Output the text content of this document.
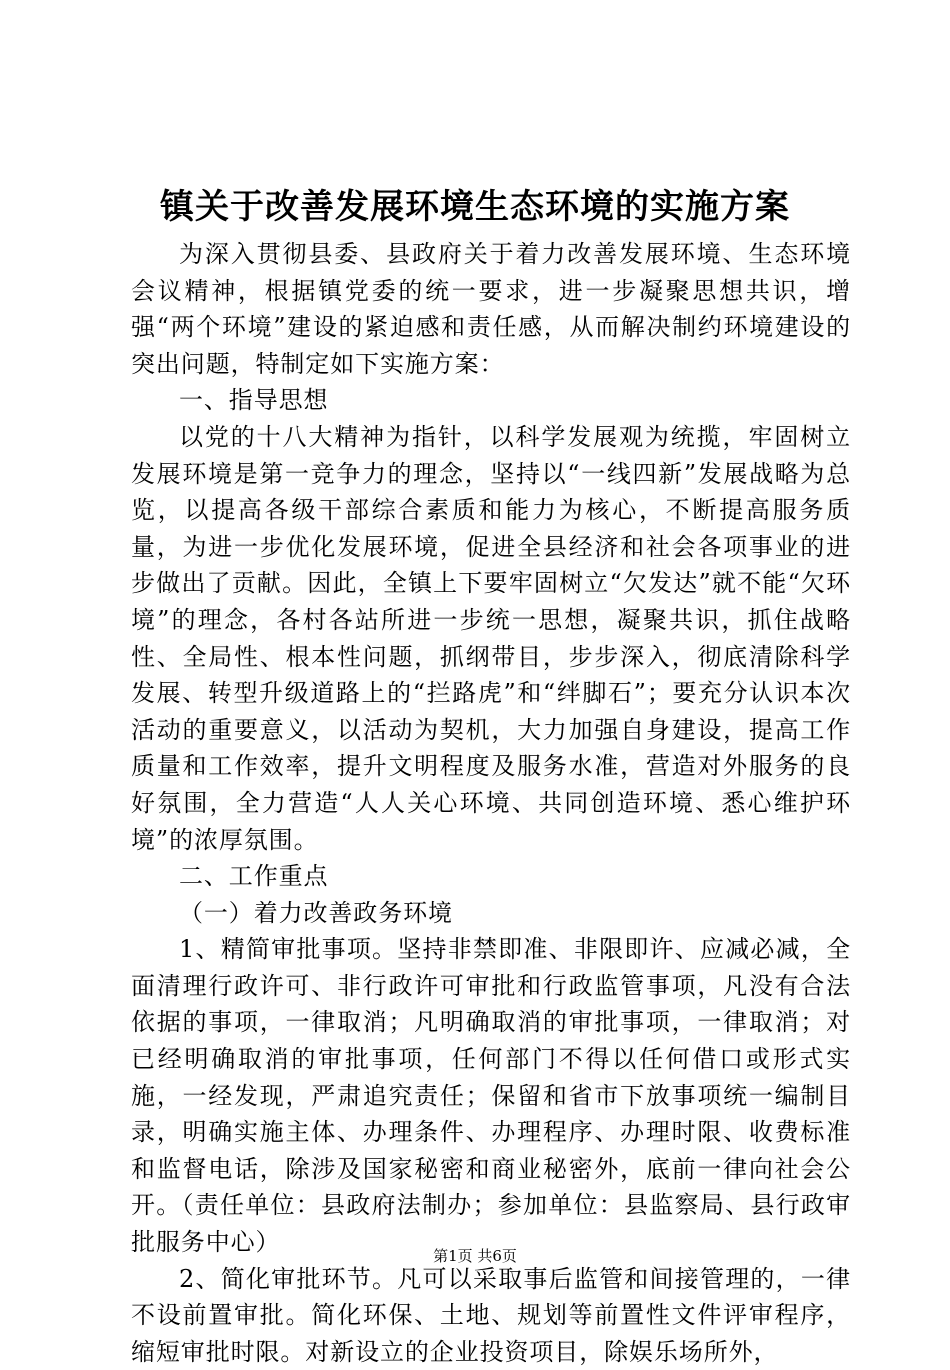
镇关于改善发展环境生态环境的实施方案

为深入贯彻县委、县政府关于着力改善发展环境、生态环境会议精神，根据镇党委的统一要求，进一步凝聚思想共识，增强“两个环境”建设的紧迫感和责任感，从而解决制约环境建设的突出问题，特制定如下实施方案：

一、指导思想

以党的十八大精神为指针，以科学发展观为统揽，牢固树立发展环境是第一竞争力的理念，坚持以“一线四新”发展战略为总览，以提高各级干部综合素质和能力为核心，不断提高服务质量，为进一步优化发展环境，促进全县经济和社会各项事业的进步做出了贡献。因此，全镇上下要牢固树立“欠发达”就不能“欠环境”的理念，各村各站所进一步统一思想，凝聚共识，抓住战略性、全局性、根本性问题，抓纲带目，步步深入，彻底清除科学发展、转型升级道路上的“拦路虎”和“绊脚石”；要充分认识本次活动的重要意义，以活动为契机，大力加强自身建设，提高工作质量和工作效率，提升文明程度及服务水准，营造对外服务的良好氛围，全力营造“人人关心环境、共同创造环境、悉心维护环境”的浓厚氛围。

二、工作重点

（一）着力改善政务环境

1、精简审批事项。坚持非禁即准、非限即许、应减必减，全面清理行政许可、非行政许可审批和行政监管事项，凡没有合法依据的事项，一律取消；凡明确取消的审批事项，一律取消；对已经明确取消的审批事项，任何部门不得以任何借口或形式实施，一经发现，严肃追究责任；保留和省市下放事项统一编制目录，明确实施主体、办理条件、办理程序、办理时限、收费标准和监督电话，除涉及国家秘密和商业秘密外，底前一律向社会公开。（责任单位：县政府法制办；参加单位：县监察局、县行政审批服务中心）

2、简化审批环节。凡可以采取事后监管和间接管理的，一律不设前置审批。简化环保、土地、规划等前置性文件评审程序，缩短审批时限。对新设立的企业投资项目，除娱乐场所外，

第1页 共6页
